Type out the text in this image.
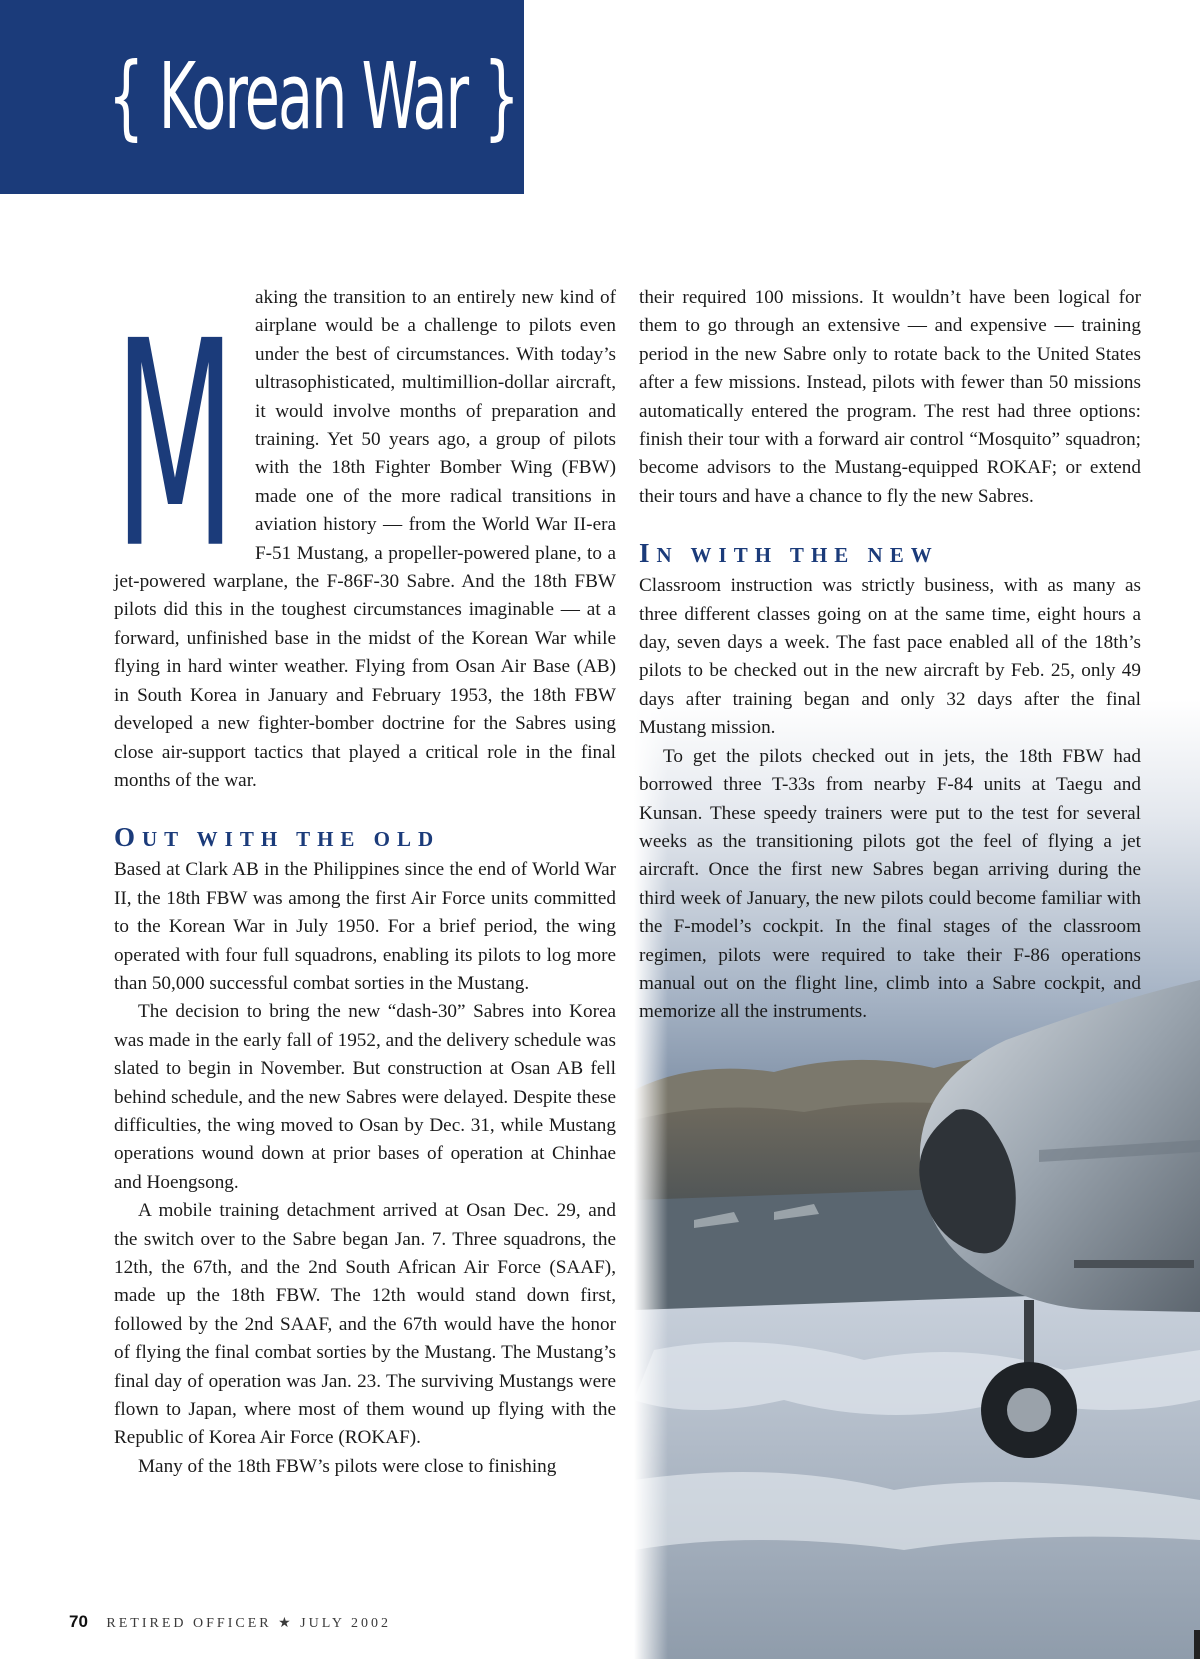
{ Korean War }
M aking the transition to an entirely new kind of airplane would be a challenge to pilots even under the best of circumstances. With today’s ultrasophisticated, multimillion-dollar aircraft, it would involve months of preparation and training. Yet 50 years ago, a group of pilots with the 18th Fighter Bomber Wing (FBW) made one of the more radical transitions in aviation history — from the World War II-era F-51 Mustang, a propeller-powered plane, to a jet-powered warplane, the F-86F-30 Sabre. And the 18th FBW pilots did this in the toughest circumstances imaginable — at a forward, unfinished base in the midst of the Korean War while flying in hard winter weather. Flying from Osan Air Base (AB) in South Korea in January and February 1953, the 18th FBW developed a new fighter-bomber doctrine for the Sabres using close air-support tactics that played a critical role in the final months of the war.

OUT WITH THE OLD

Based at Clark AB in the Philippines since the end of World War II, the 18th FBW was among the first Air Force units committed to the Korean War in July 1950. For a brief period, the wing operated with four full squadrons, enabling its pilots to log more than 50,000 successful combat sorties in the Mustang.

The decision to bring the new “dash-30” Sabres into Korea was made in the early fall of 1952, and the delivery schedule was slated to begin in November. But construction at Osan AB fell behind schedule, and the new Sabres were delayed. Despite these difficulties, the wing moved to Osan by Dec. 31, while Mustang operations wound down at prior bases of operation at Chinhae and Hoengsong.

A mobile training detachment arrived at Osan Dec. 29, and the switch over to the Sabre began Jan. 7. Three squadrons, the 12th, the 67th, and the 2nd South African Air Force (SAAF), made up the 18th FBW. The 12th would stand down first, followed by the 2nd SAAF, and the 67th would have the honor of flying the final combat sorties by the Mustang. The Mustang’s final day of operation was Jan. 23. The surviving Mustangs were flown to Japan, where most of them wound up flying with the Republic of Korea Air Force (ROKAF).

Many of the 18th FBW’s pilots were close to finishing

their required 100 missions. It wouldn’t have been logical for them to go through an extensive — and expensive — training period in the new Sabre only to rotate back to the United States after a few missions. Instead, pilots with fewer than 50 missions automatically entered the program. The rest had three options: finish their tour with a forward air control “Mosquito” squadron; become advisors to the Mustang-equipped ROKAF; or extend their tours and have a chance to fly the new Sabres.

IN WITH THE NEW

Classroom instruction was strictly business, with as many as three different classes going on at the same time, eight hours a day, seven days a week. The fast pace enabled all of the 18th’s pilots to be checked out in the new aircraft by Feb. 25, only 49 days after training began and only 32 days after the final Mustang mission.

To get the pilots checked out in jets, the 18th FBW had borrowed three T-33s from nearby F-84 units at Taegu and Kunsan. These speedy trainers were put to the test for several weeks as the transitioning pilots got the feel of flying a jet aircraft. Once the first new Sabres began arriving during the third week of January, the new pilots could become familiar with the F-model’s cockpit. In the final stages of the classroom regimen, pilots were required to take their F-86 operations manual out on the flight line, climb into a Sabre cockpit, and memorize all the instruments.

70 RETIRED OFFICER ★ JULY 2002
